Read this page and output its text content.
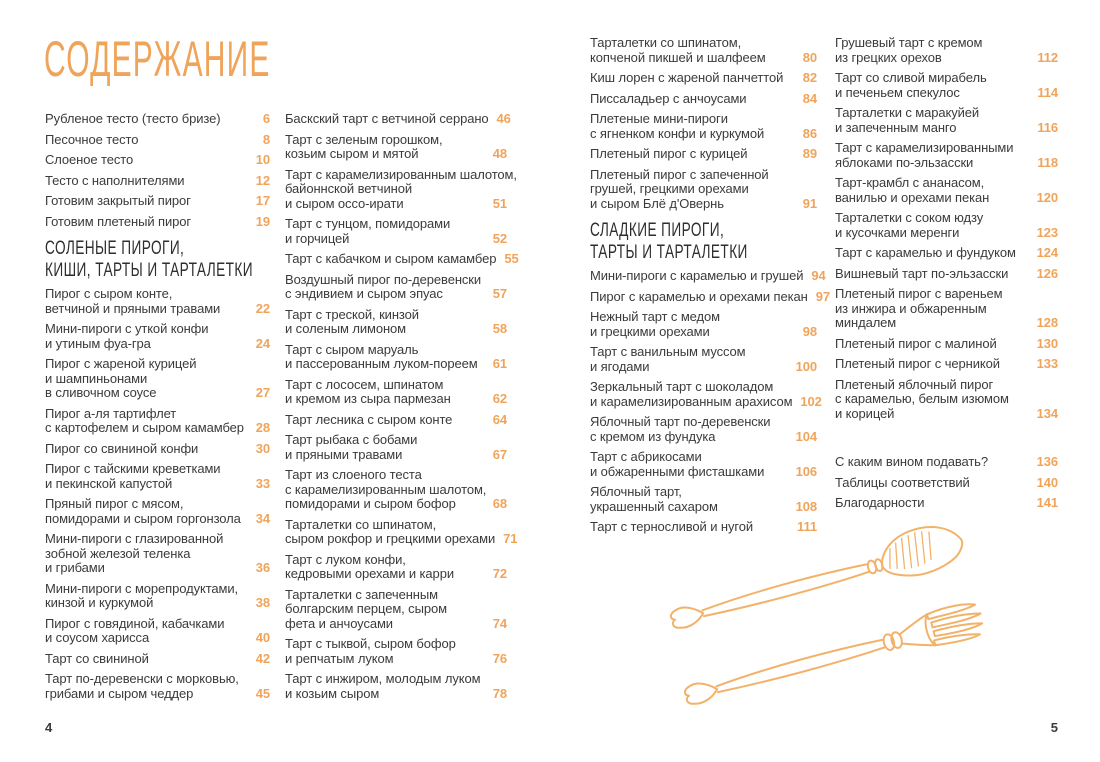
СОДЕРЖАНИЕ
Рубленое тесто (тесто бризе)	6
Песочное тесто	8
Слоеное тесто	10
Тесто с наполнителями	12
Готовим закрытый пирог	17
Готовим плетеный пирог	19
СОЛЕНЫЕ ПИРОГИ,
КИШИ, ТАРТЫ И ТАРТАЛЕТКИ
Пирог с сыром конте,
ветчиной и пряными травами	22
Мини-пироги с уткой конфи
и утиным фуа-гра	24
Пирог с жареной курицей
и шампиньонами
в сливочном соусе	27
Пирог а-ля тартифлет
с картофелем и сыром камамбер 28
Пирог со свининой конфи	30
Пирог с тайскими креветками
и пекинской капустой	33
Пряный пирог с мясом,
помидорами и сыром горгонзола	34
Мини-пироги с глазированной
зобной железой теленка
и грибами	36
Мини-пироги с морепродуктами,
кинзой и куркумой	38
Пирог с говядиной, кабачками
и соусом харисса	40
Тарт со свининой	42
Тарт по-деревенски с морковью,
грибами и сыром чеддер	45
Баскский тарт с ветчиной серрано 46
Тарт с зеленым горошком,
козьим сыром и мятой	48
Тарт с карамелизированным шалотом,
байоннской ветчиной
и сыром оссо-ирати	51
Тарт с тунцом, помидорами
и горчицей	52
Тарт с кабачком и сыром камамбер 55
Воздушный пирог по-деревенски
с эндивием и сыром эпуас	57
Тарт с треской, кинзой
и соленым лимоном	58
Тарт с сыром маруаль
и пассерованным луком-пореем	61
Тарт с лососем, шпинатом
и кремом из сыра пармезан	62
Тарт лесника с сыром конте	64
Тарт рыбака с бобами
и пряными травами	67
Тарт из слоеного теста
с карамелизированным шалотом,
помидорами и сыром бофор	68
Тарталетки со шпинатом,
сыром рокфор и грецкими орехами 71
Тарт с луком конфи,
кедровыми орехами и карри	72
Тарталетки с запеченным
болгарским перцем, сыром
фета и анчоусами	74
Тарт с тыквой, сыром бофор
и репчатым луком	76
Тарт с инжиром, молодым луком
и козьим сыром	78
Тарталетки со шпинатом,
копченой пикшей и шалфеем	80
Киш лорен с жареной панчеттой	82
Писсаладьер с анчоусами	84
Плетеные мини-пироги
с ягненком конфи и куркумой	86
Плетеный пирог с курицей	89
Плетеный пирог с запеченной
грушей, грецкими орехами
и сыром Блё д'Овернь	91
СЛАДКИЕ ПИРОГИ,
ТАРТЫ И ТАРТАЛЕТКИ
Мини-пироги с карамелью и грушей 94
Пирог с карамелью и орехами пекан 97
Нежный тарт с медом
и грецкими орехами	98
Тарт с ванильным муссом
и ягодами	100
Зеркальный тарт с шоколадом
и карамелизированным арахисом 102
Яблочный тарт по-деревенски
с кремом из фундука	104
Тарт с абрикосами
и обжаренными фисташками	106
Яблочный тарт,
украшенный сахаром	108
Тарт с терносливой и нугой	111
Грушевый тарт с кремом
из грецких орехов	112
Тарт со сливой мирабель
и печеньем спекулос	114
Тарталетки с маракуйей
и запеченным манго	116
Тарт с карамелизированными
яблоками по-эльзасски	118
Тарт-крамбл с ананасом,
ванилью и орехами пекан	120
Тарталетки с соком юдзу
и кусочками меренги	123
Тарт с карамелью и фундуком	124
Вишневый тарт по-эльзасски	126
Плетеный пирог с вареньем
из инжира и обжаренным
миндалем	128
Плетеный пирог с малиной	130
Плетеный пирог с черникой	133
Плетеный яблочный пирог
с карамелью, белым изюмом
и корицей	134
С каким вином подавать?	136
Таблицы соответствий	140
Благодарности	141
4	5
